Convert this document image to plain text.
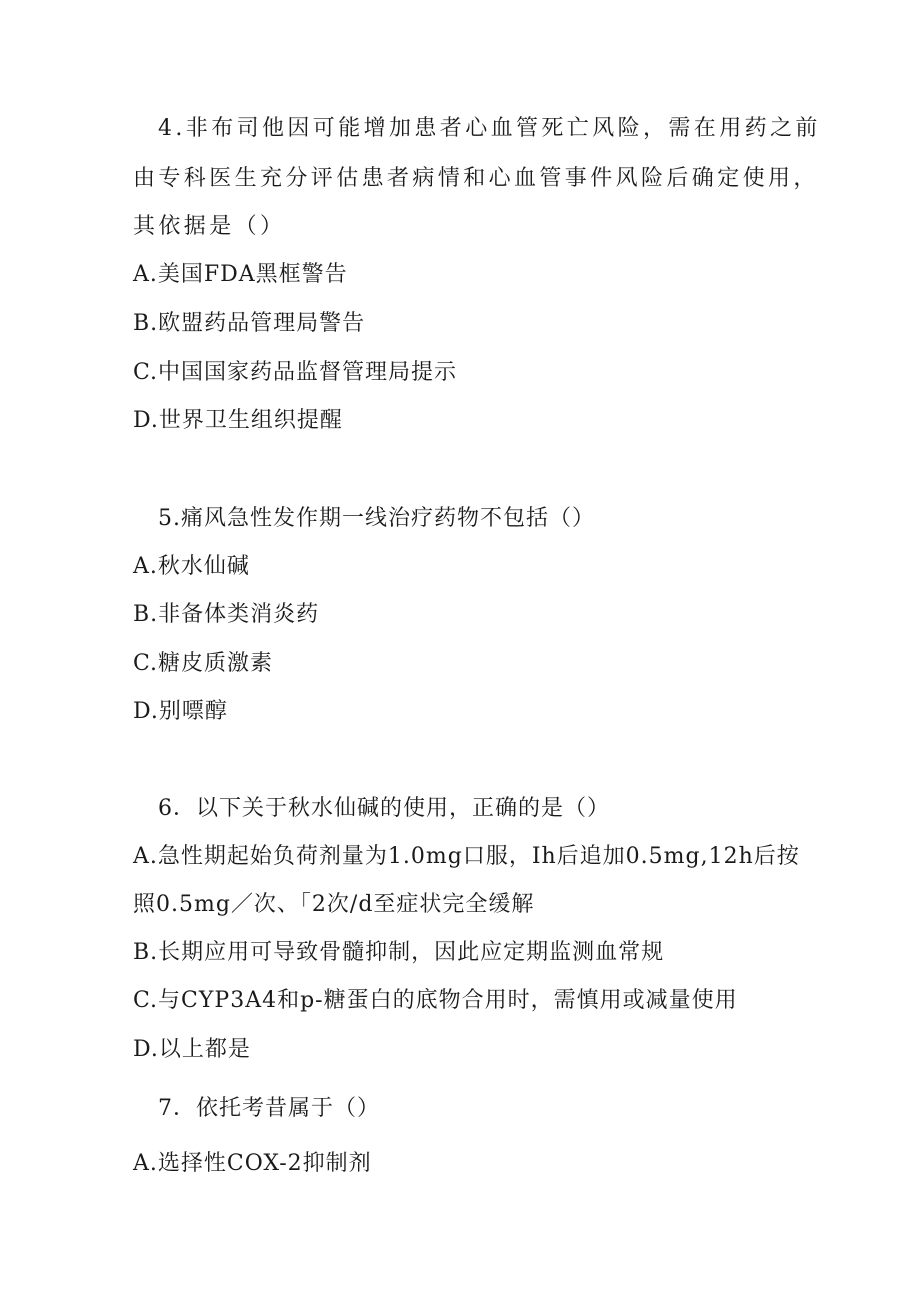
4.非布司他因可能增加患者心血管死亡风险，需在用药之前
由专科医生充分评估患者病情和心血管事件风险后确定使用，
其依据是（）
A.美国FDA黑框警告
B.欧盟药品管理局警告
C.中国国家药品监督管理局提示
D.世界卫生组织提醒
5.痛风急性发作期一线治疗药物不包括（）
A.秋水仙碱
B.非备体类消炎药
C.糖皮质激素
D.别嘌醇
6．以下关于秋水仙碱的使用，正确的是（）
A.急性期起始负荷剂量为1.0mg口服，Ih后追加0.5mg,12h后按
照0.5mg／次、「2次/d至症状完全缓解
B.长期应用可导致骨髓抑制，因此应定期监测血常规
C.与CYP3A4和p-糖蛋白的底物合用时，需慎用或减量使用
D.以上都是
7．依托考昔属于（）
A.选择性COX-2抑制剂
